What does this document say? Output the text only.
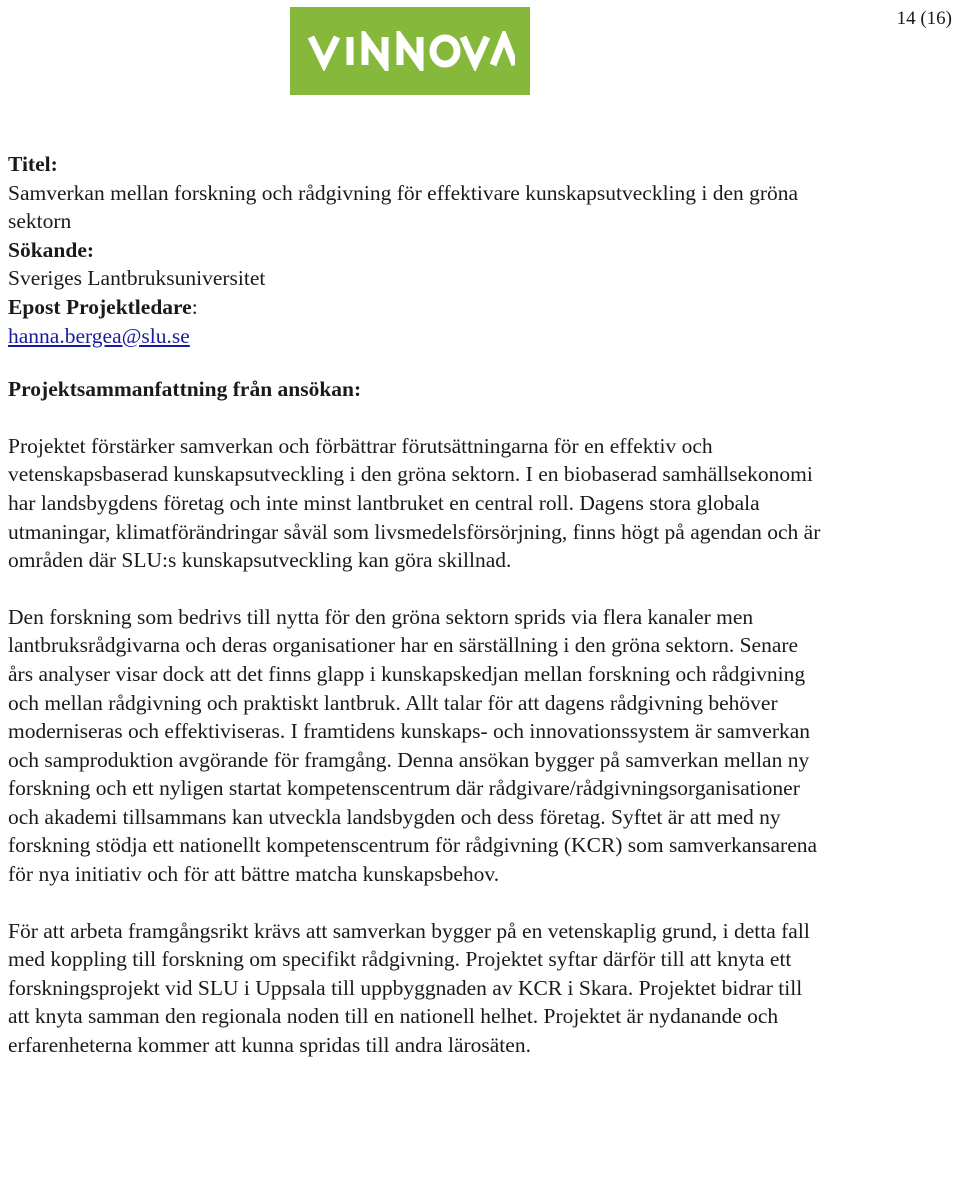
14 (16)
Titel:
Samverkan mellan forskning och rådgivning för effektivare kunskapsutveckling i den gröna sektorn
Sökande:
Sveriges Lantbruksuniversitet
Epost Projektledare:
hanna.bergea@slu.se
Projektsammanfattning från ansökan:

Projektet förstärker samverkan och förbättrar förutsättningarna för en effektiv och vetenskapsbaserad kunskapsutveckling i den gröna sektorn. I en biobaserad samhällsekonomi har landsbygdens företag och inte minst lantbruket en central roll. Dagens stora globala utmaningar, klimatförändringar såväl som livsmedelsförsörjning, finns högt på agendan och är områden där SLU:s kunskapsutveckling kan göra skillnad.

Den forskning som bedrivs till nytta för den gröna sektorn sprids via flera kanaler men lantbruksrådgivarna och deras organisationer har en särställning i den gröna sektorn. Senare års analyser visar dock att det finns glapp i kunskapskedjan mellan forskning och rådgivning och mellan rådgivning och praktiskt lantbruk. Allt talar för att dagens rådgivning behöver moderniseras och effektiviseras. I framtidens kunskaps- och innovationssystem är samverkan och samproduktion avgörande för framgång. Denna ansökan bygger på samverkan mellan ny forskning och ett nyligen startat kompetenscentrum där rådgivare/rådgivningsorganisationer och akademi tillsammans kan utveckla landsbygden och dess företag. Syftet är att med ny forskning stödja ett nationellt kompetenscentrum för rådgivning (KCR) som samverkansarena för nya initiativ och för att bättre matcha kunskapsbehov.

För att arbeta framgångsrikt krävs att samverkan bygger på en vetenskaplig grund, i detta fall med koppling till forskning om specifikt rådgivning. Projektet syftar därför till att knyta ett forskningsprojekt vid SLU i Uppsala till uppbyggnaden av KCR i Skara. Projektet bidrar till att knyta samman den regionala noden till en nationell helhet. Projektet är nydanande och erfarenheterna kommer att kunna spridas till andra lärosäten.
